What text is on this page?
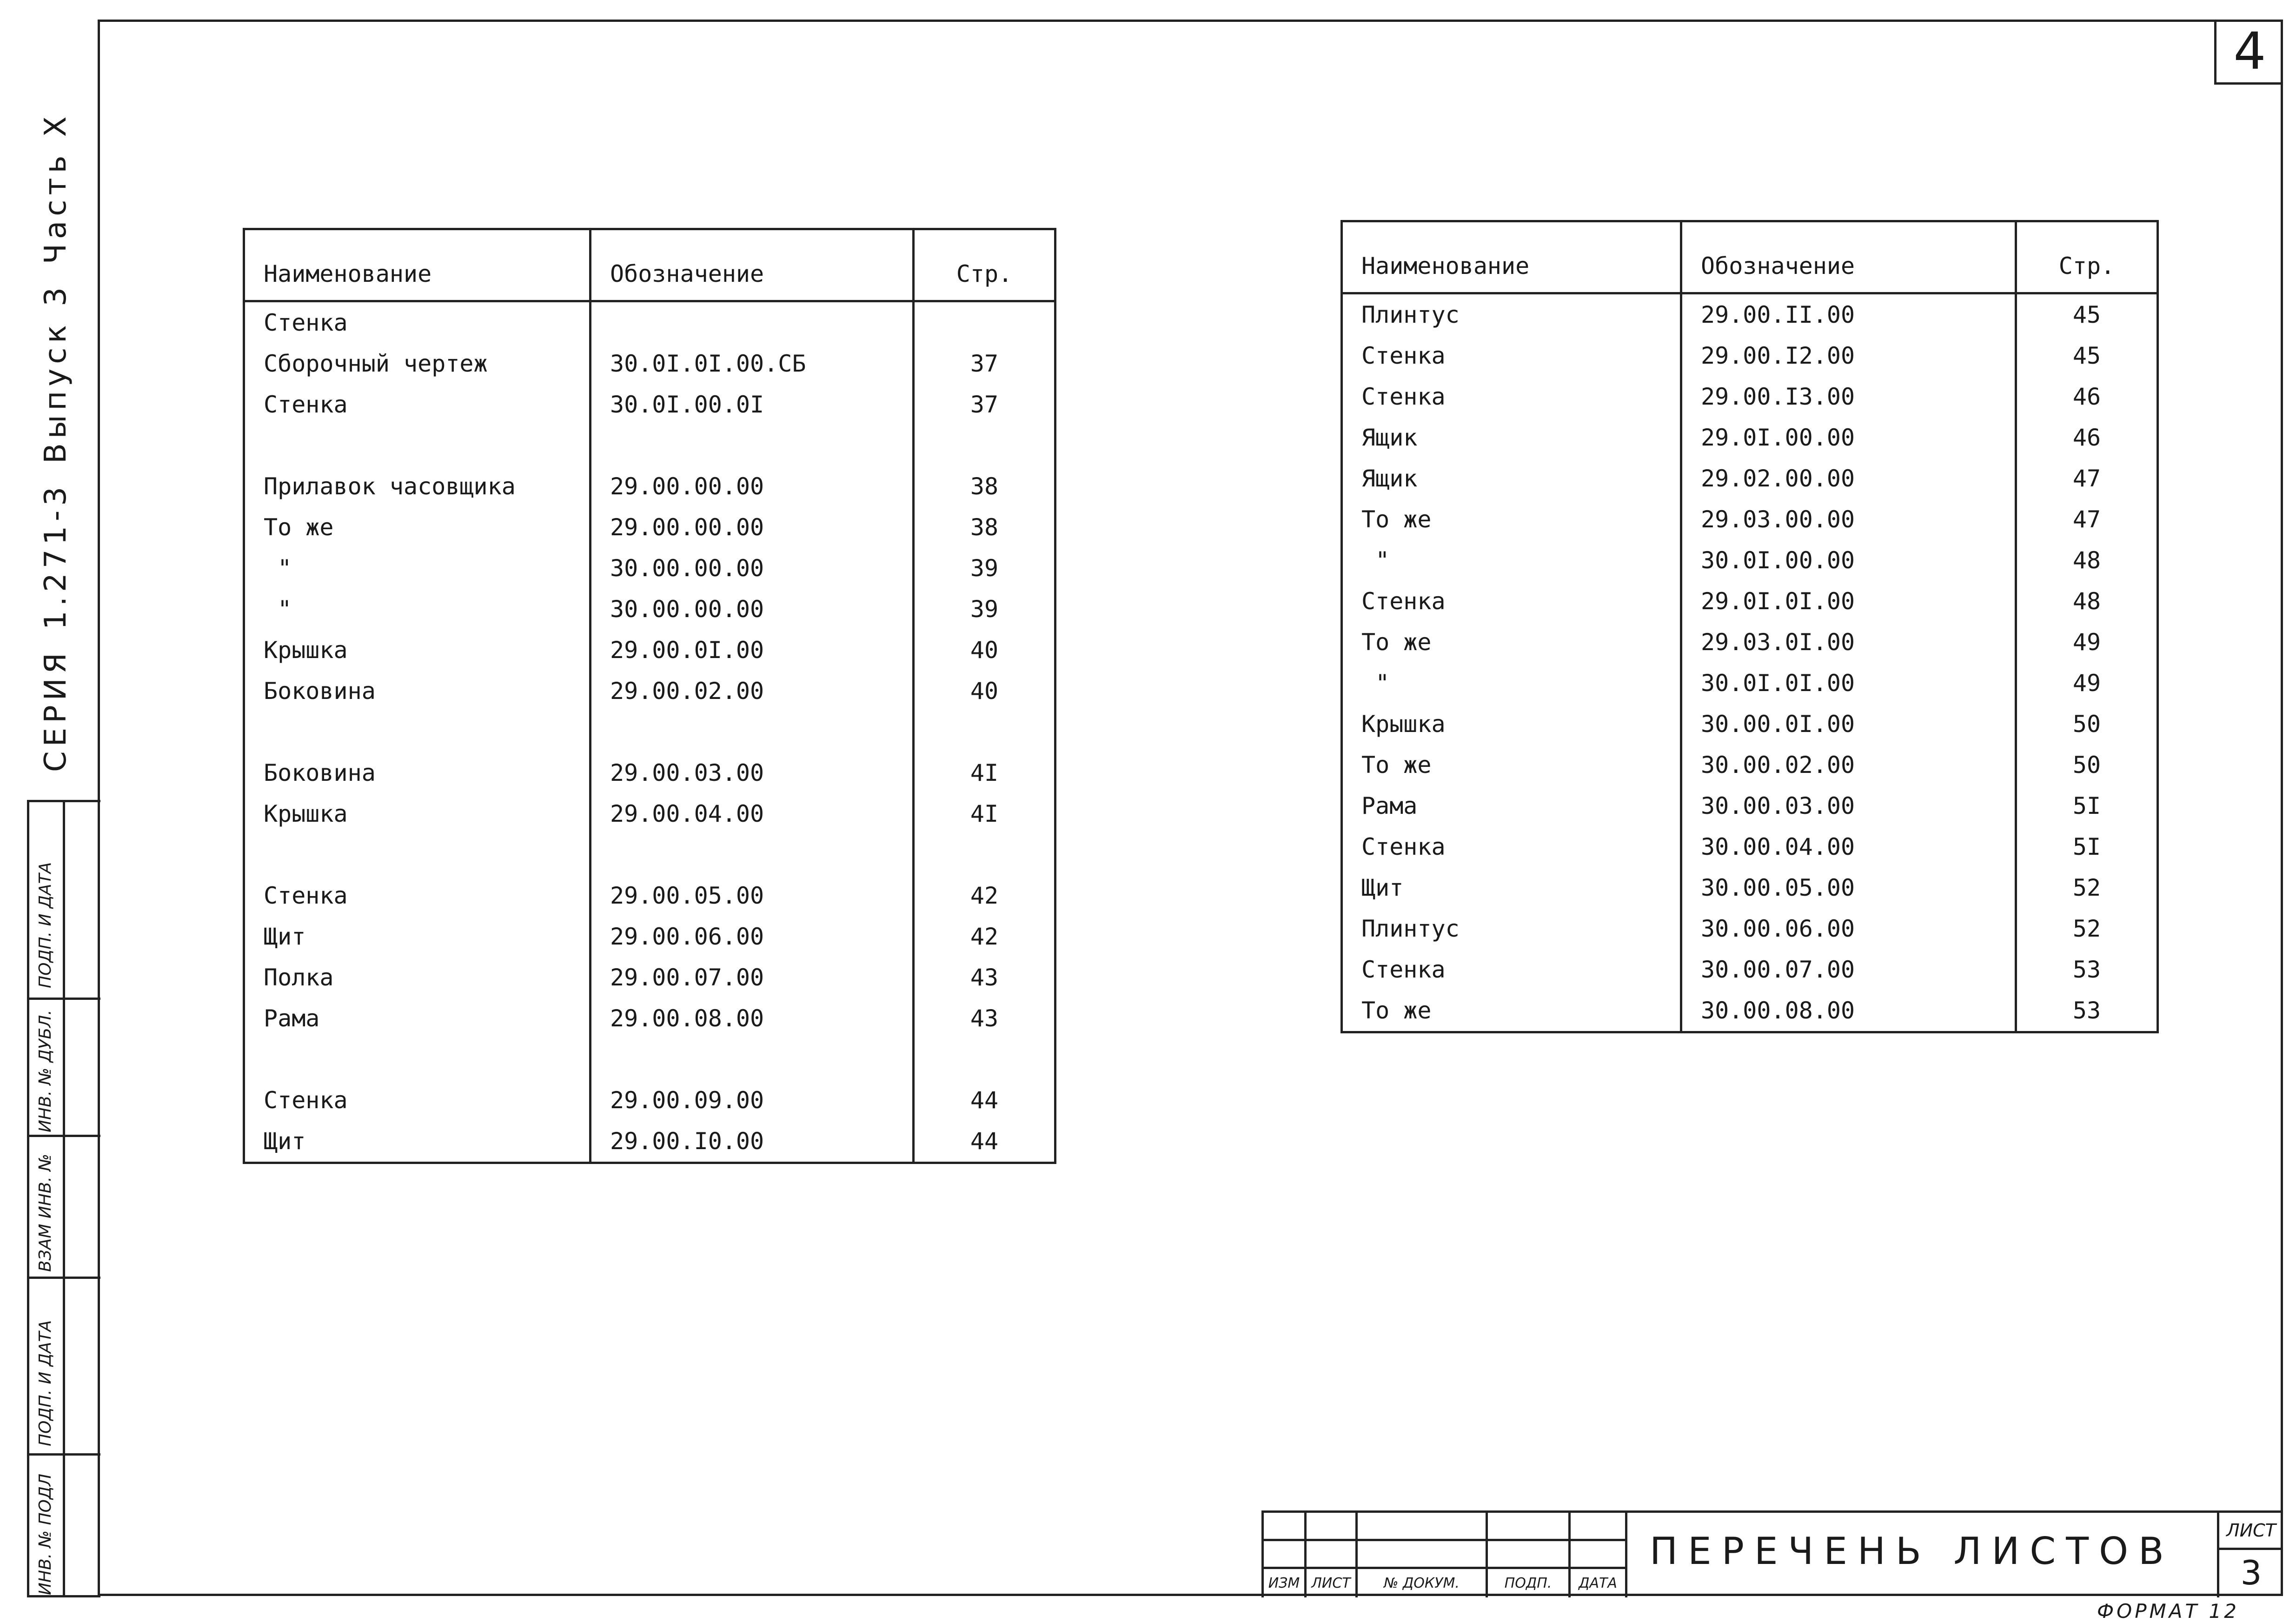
4
СЕРИЯ
1.271-3
Выпуск 3
Часть X
ИНВ. № ПОДЛ
ПОДП. И ДАТА
ВЗАМ ИНВ. №
ИНВ. № ДУБЛ.
ПОДП. И ДАТА
Наименование	Обозначение	Стр.
Стенка		
Сборочный чертеж	30.0I.0I.00.СБ	37
Стенка	30.0I.00.0I	37

Прилавок часовщика	29.00.00.00	38
То же	29.00.00.00	38
"	30.00.00.00	39
"	30.00.00.00	39
Крышка	29.00.0I.00	40
Боковина	29.00.02.00	40

Боковина	29.00.03.00	4I
Крышка	29.00.04.00	4I

Стенка	29.00.05.00	42
Щит	29.00.06.00	42
Полка	29.00.07.00	43
Рама	29.00.08.00	43

Стенка	29.00.09.00	44
Щит	29.00.I0.00	44
Наименование	Обозначение	Стр.
Плинтус	29.00.II.00	45
Стенка	29.00.I2.00	45
Стенка	29.00.I3.00	46
Ящик	29.0I.00.00	46
Ящик	29.02.00.00	47
То же	29.03.00.00	47
"	30.0I.00.00	48
Стенка	29.0I.0I.00	48
То же	29.03.0I.00	49
"	30.0I.0I.00	49
Крышка	30.00.0I.00	50
То же	30.00.02.00	50
Рама	30.00.03.00	5I
Стенка	30.00.04.00	5I
Щит	30.00.05.00	52
Плинтус	30.00.06.00	52
Стенка	30.00.07.00	53
То же	30.00.08.00	53
ИЗМ ЛИСТ	№ ДОКУМ.	ПОДП.	ДАТА
ПЕРЕЧЕНЬ ЛИСТОВ	ЛИСТ
3
ФОРМАТ 12
